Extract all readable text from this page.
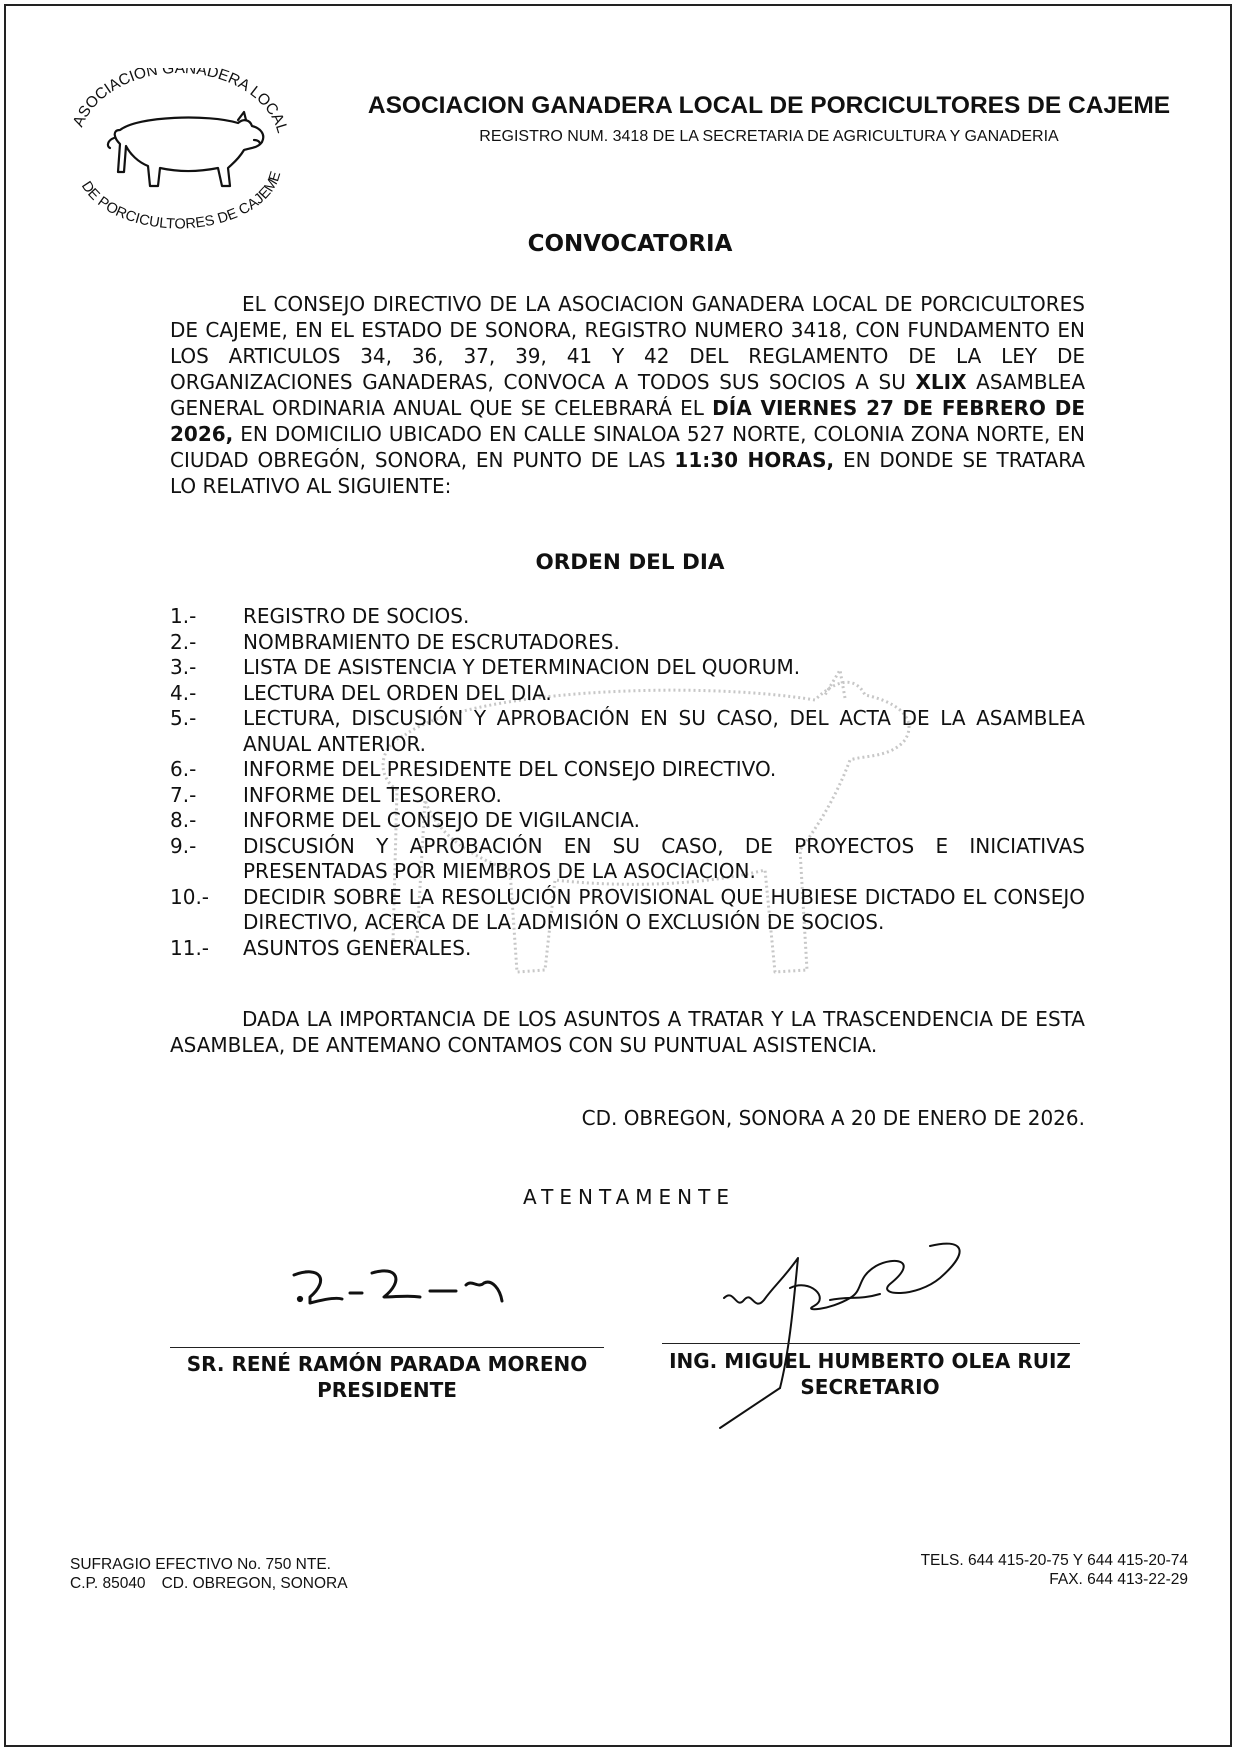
ASOCIACION GANADERA LOCAL
DE PORCICULTORES DE CAJEME
ASOCIACION GANADERA LOCAL DE PORCICULTORES DE CAJEME
REGISTRO NUM. 3418 DE LA SECRETARIA DE AGRICULTURA Y GANADERIA
CONVOCATORIA
EL CONSEJO DIRECTIVO DE LA ASOCIACION GANADERA LOCAL DE PORCICULTORES DE CAJEME, EN EL ESTADO DE SONORA, REGISTRO NUMERO 3418, CON FUNDAMENTO EN LOS ARTICULOS 34, 36, 37, 39, 41 Y 42 DEL REGLAMENTO DE LA LEY DE ORGANIZACIONES GANADERAS, CONVOCA A TODOS SUS SOCIOS A SU XLIX ASAMBLEA GENERAL ORDINARIA ANUAL QUE SE CELEBRARÁ EL DÍA VIERNES 27 DE FEBRERO DE 2026, EN DOMICILIO UBICADO EN CALLE SINALOA 527 NORTE, COLONIA ZONA NORTE, EN CIUDAD OBREGÓN, SONORA, EN PUNTO DE LAS 11:30 HORAS, EN DONDE SE TRATARA LO RELATIVO AL SIGUIENTE:
ORDEN DEL DIA
1.-	REGISTRO DE SOCIOS.
2.-	NOMBRAMIENTO DE ESCRUTADORES.
3.-	LISTA DE ASISTENCIA Y DETERMINACION DEL QUORUM.
4.-	LECTURA DEL ORDEN DEL DIA.
5.-	LECTURA, DISCUSIÓN Y APROBACIÓN EN SU CASO, DEL ACTA DE LA ASAMBLEA ANUAL ANTERIOR.
6.-	INFORME DEL PRESIDENTE DEL CONSEJO DIRECTIVO.
7.-	INFORME DEL TESORERO.
8.-	INFORME DEL CONSEJO DE VIGILANCIA.
9.-	DISCUSIÓN Y APROBACIÓN EN SU CASO, DE PROYECTOS E INICIATIVAS PRESENTADAS POR MIEMBROS DE LA ASOCIACION.
10.-	DECIDIR SOBRE LA RESOLUCIÓN PROVISIONAL QUE HUBIESE DICTADO EL CONSEJO DIRECTIVO, ACERCA DE LA ADMISIÓN O EXCLUSIÓN DE SOCIOS.
11.-	ASUNTOS GENERALES.
DADA LA IMPORTANCIA DE LOS ASUNTOS A TRATAR Y LA TRASCENDENCIA DE ESTA ASAMBLEA, DE ANTEMANO CONTAMOS CON SU PUNTUAL ASISTENCIA.
CD. OBREGON, SONORA A 20 DE ENERO DE 2026.
ATENTAMENTE
SR. RENÉ RAMÓN PARADA MORENO
PRESIDENTE
ING. MIGUEL HUMBERTO OLEA RUIZ
SECRETARIO
SUFRAGIO EFECTIVO No. 750 NTE.
C.P. 85040 CD. OBREGON, SONORA
TELS. 644 415-20-75 Y 644 415-20-74
FAX. 644 413-22-29
